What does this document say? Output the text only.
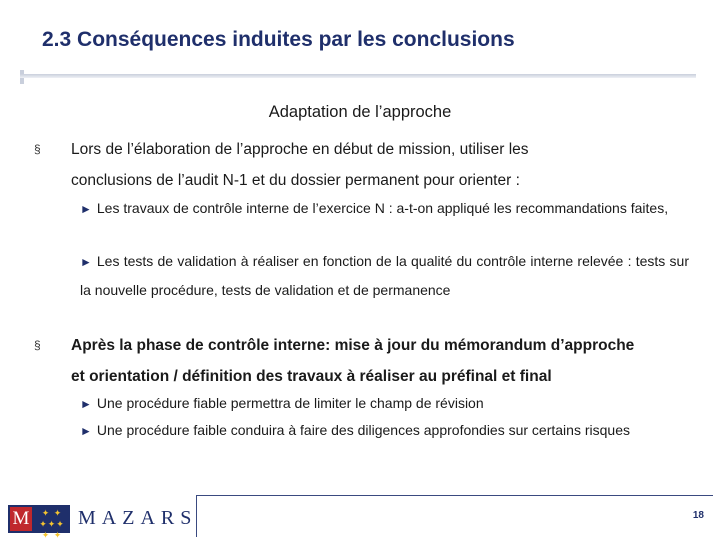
2.3 Conséquences induites par les conclusions
Adaptation de l’approche
§ Lors de l’élaboration de l’approche en début de mission, utiliser les
conclusions de l’audit N-1 et du dossier permanent pour orienter :
► Les travaux de contrôle interne de l’exercice N : a-t-on appliqué les recommandations faites,
► Les tests de validation à réaliser en fonction de la qualité du contrôle interne relevée : tests sur la nouvelle procédure, tests de validation et de permanence
§ Après la phase de contrôle interne: mise à jour du mémorandum d’approche
et orientation / définition des travaux à réaliser au préfinal et final
► Une procédure fiable permettra de limiter le champ de révision
► Une procédure faible conduira à faire des diligences approfondies sur certains risques
M	✦ ✦
✦✦✦
✦ ✦
MAZARS	18
